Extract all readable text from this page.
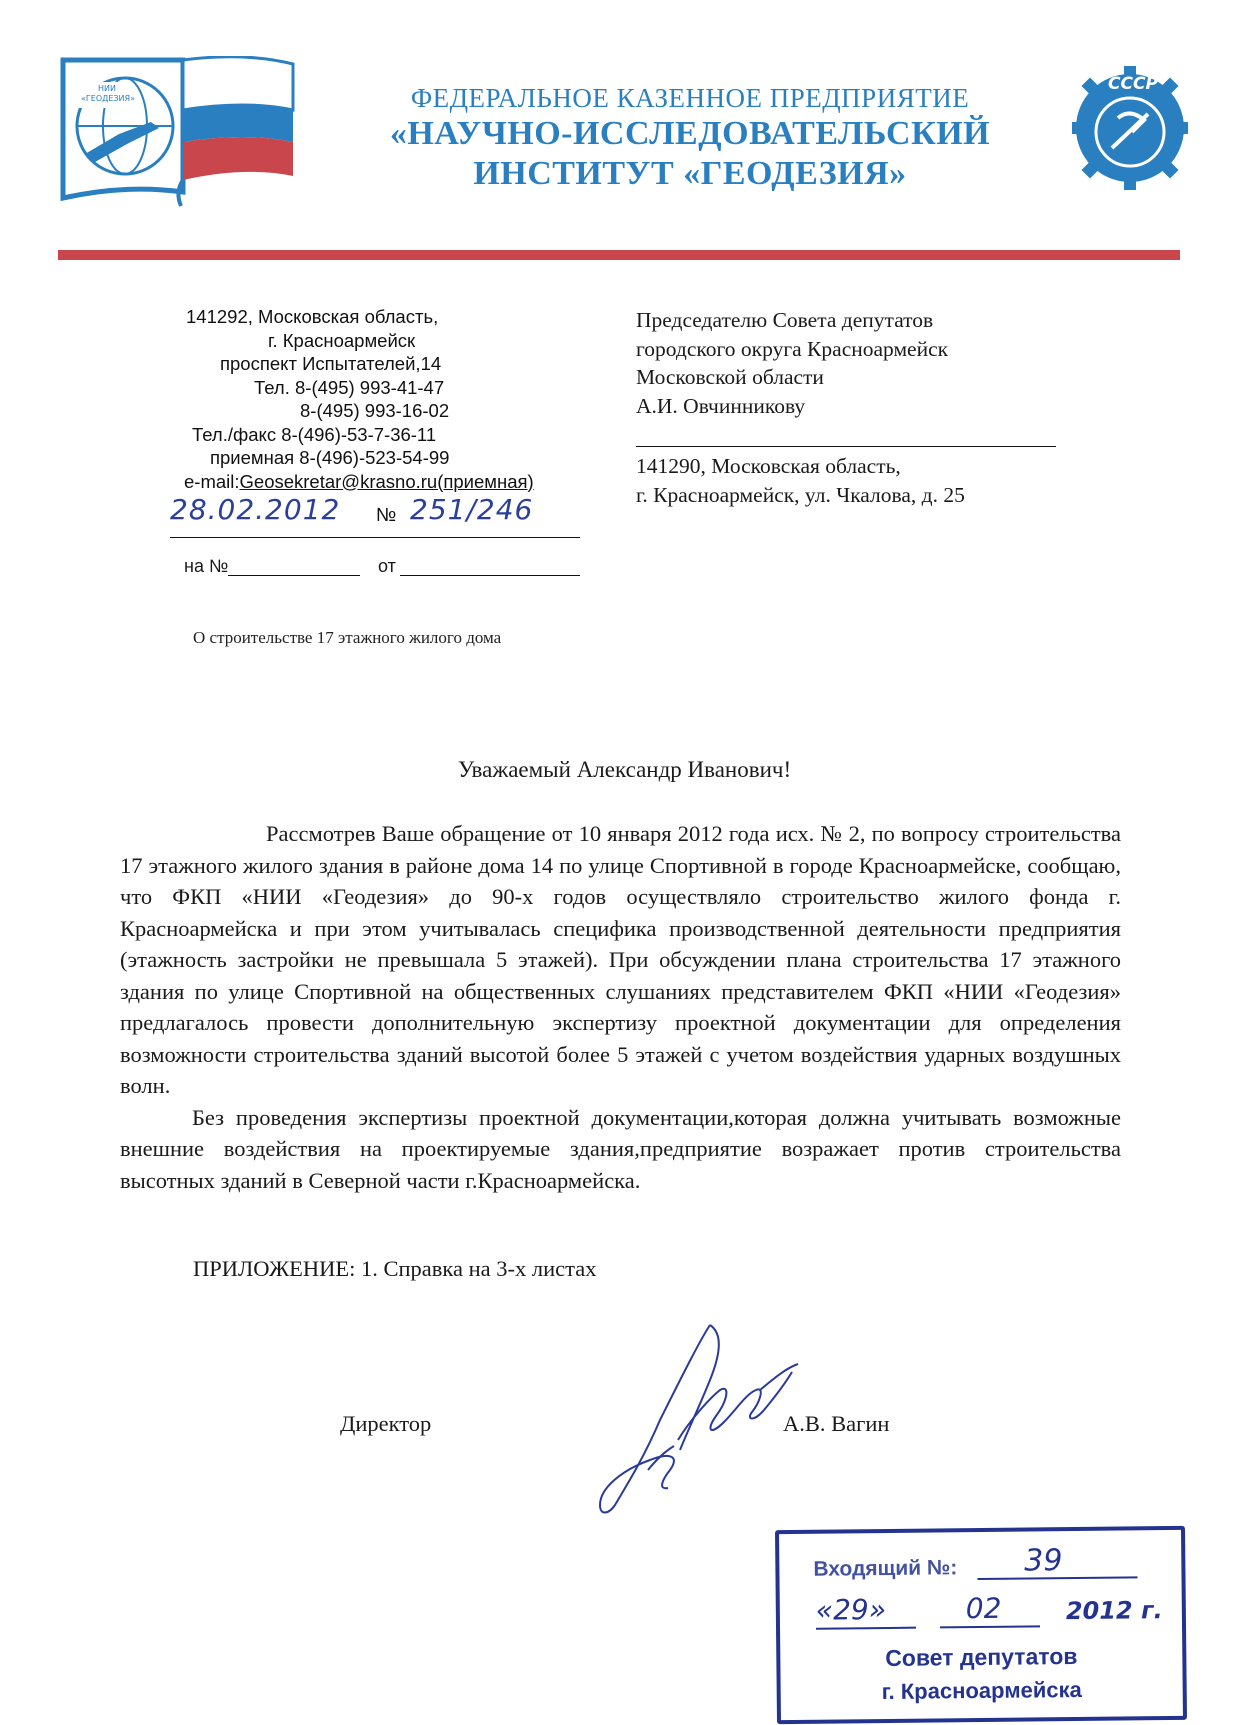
НИИ «ГЕОДЕЗИЯ»	ФЕДЕРАЛЬНОЕ КАЗЕННОЕ ПРЕДПРИЯТИЕ
«НАУЧНО-ИССЛЕДОВАТЕЛЬСКИЙ
ИНСТИТУТ «ГЕОДЕЗИЯ»
СССР
141292, Московская область,
г. Красноармейск
проспект Испытателей,14
Тел. 8-(495) 993-41-47
8-(495) 993-16-02
Тел./факс 8-(496)-53-7-36-11
приемная 8-(496)-523-54-99
e-mail:Geosekretar@krasno.ru(приемная)
28.02.2012 № 251/246
на №	от
О строительстве 17 этажного жилого дома
Председателю Совета депутатов
городского округа Красноармейск
Московской области
А.И. Овчинникову
141290, Московская область,
г. Красноармейск, ул. Чкалова, д. 25
Уважаемый Александр Иванович!

Рассмотрев Ваше обращение от 10 января 2012 года исх. № 2, по вопросу строительства 17 этажного жилого здания в районе дома 14 по улице Спортивной в городе Красноармейске, сообщаю, что ФКП «НИИ «Геодезия» до 90-х годов осуществляло строительство жилого фонда г. Красноармейска и при этом учитывалась специфика производственной деятельности предприятия (этажность застройки не превышала 5 этажей). При обсуждении плана строительства 17 этажного здания по улице Спортивной на общественных слушаниях представителем ФКП «НИИ «Геодезия» предлагалось провести дополнительную экспертизу проектной документации для определения возможности строительства зданий высотой более 5 этажей с учетом воздействия ударных воздушных волн.

Без проведения экспертизы проектной документации,которая должна учитывать возможные внешние воздействия на проектируемые здания,предприятие возражает против строительства высотных зданий в Северной части г.Красноармейска.

ПРИЛОЖЕНИЕ: 1. Справка на 3-х листах
Директор	А.В. Вагин
Входящий №: 39
«29»	02	2012 г.
Совет депутатов
г. Красноармейска
